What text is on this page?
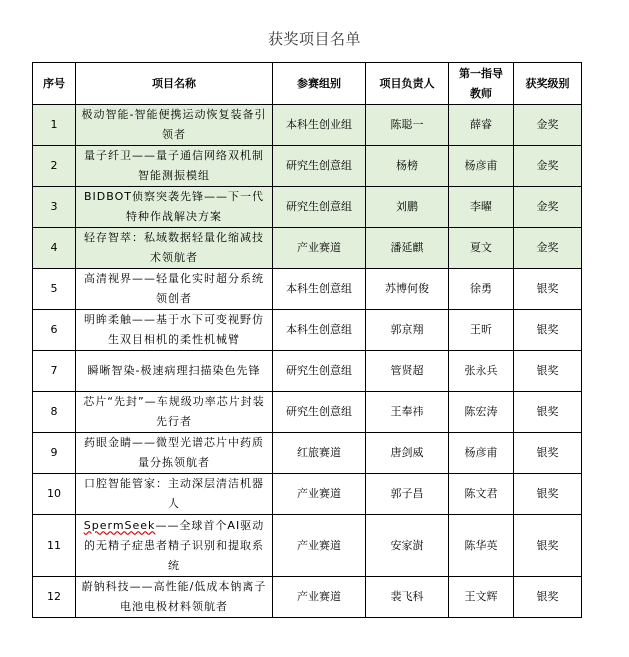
获奖项目名单
序号	项目名称	参赛组别	项目负责人	第一指导教师	获奖级别
1	极动智能-智能便携运动恢复装备引领者	本科生创业组	陈聪一	薛睿	金奖
2	量子纤卫——量子通信网络双机制智能测振模组	研究生创意组	杨榜	杨彦甫	金奖
3	BIDBOT侦察突袭先锋——下一代特种作战解决方案	研究生创意组	刘鹏	李曜	金奖
4	轻存智萃：私域数据轻量化缩减技术领航者	产业赛道	潘延麒	夏文	金奖
5	高清视界——轻量化实时超分系统领创者	本科生创意组	苏博何俊	徐勇	银奖
6	明眸柔触——基于水下可变视野仿生双目相机的柔性机械臂	本科生创意组	郭京翔	王昕	银奖
7	瞬晰智染-极速病理扫描染色先锋	研究生创意组	管贤超	张永兵	银奖
8	芯片“先封”—车规级功率芯片封装先行者	研究生创意组	王奉祎	陈宏涛	银奖
9	药眼金睛——微型光谱芯片中药质量分拣领航者	红旅赛道	唐剑威	杨彦甫	银奖
10	口腔智能管家：主动深层清洁机器人	产业赛道	郭子昌	陈文君	银奖
11	SpermSeek——全球首个AI驱动的无精子症患者精子识别和提取系统	产业赛道	安家澍	陈华英	银奖
12	蔚钠科技——高性能/低成本钠离子电池电极材料领航者	产业赛道	裴飞科	王文辉	银奖
